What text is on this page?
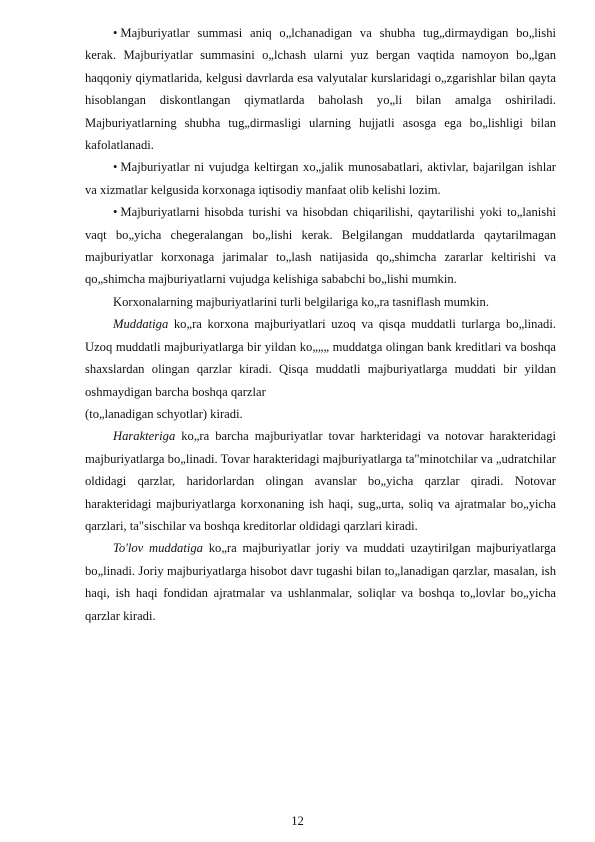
• Majburiyatlar summasi aniq o„lchanadigan va shubha tug„dirmaydigan bo„lishi kerak. Majburiyatlar summasini o„lchash ularni yuz bergan vaqtida namoyon bo„lgan haqqoniy qiymatlarida, kelgusi davrlarda esa valyutalar kurslaridagi o„zgarishlar bilan qayta hisoblangan diskontlangan qiymatlarda baholash yo„li bilan amalga oshiriladi. Majburiyatlarning shubha tug„dirmasligi ularning hujjatli asosga ega bo„lishligi bilan kafolatlanadi.

• Majburiyatlar ni vujudga keltirgan xo„jalik munosabatlari, aktivlar, bajarilgan ishlar va xizmatlar kelgusida korxonaga iqtisodiy manfaat olib kelishi lozim.

• Majburiyatlarni hisobda turishi va hisobdan chiqarilishi, qaytarilishi yoki to„lanishi vaqt bo„yicha chegeralangan bo„lishi kerak. Belgilangan muddatlarda qaytarilmagan majburiyatlar korxonaga jarimalar to„lash natijasida qo„shimcha zararlar keltirishi va qo„shimcha majburiyatlarni vujudga kelishiga sababchi bo„lishi mumkin.

Korxonalarning majburiyatlarini turli belgilariga ko„ra tasniflash mumkin.

Muddatiga ko„ra korxona majburiyatlari uzoq va qisqa muddatli turlarga bo„linadi. Uzoq muddatli majburiyatlarga bir yildan ko„„„ muddatga olingan bank kreditlari va boshqa shaxslardan olingan qarzlar kiradi. Qisqa muddatli majburiyatlarga muddati bir yildan oshmaydigan barcha boshqa qarzlar
(to„lanadigan schyotlar) kiradi.

Harakteriga ko„ra barcha majburiyatlar tovar harkteridagi va notovar harakteridagi majburiyatlarga bo„linadi. Tovar harakteridagi majburiyatlarga ta"minotchilar va „udratchilar oldidagi qarzlar, haridorlardan olingan avanslar bo„yicha qarzlar qiradi. Notovar harakteridagi majburiyatlarga korxonaning ish haqi, sug„urta, soliq va ajratmalar bo„yicha qarzlari, ta"sischilar va boshqa kreditorlar oldidagi qarzlari kiradi.

To'lov muddatiga ko„ra majburiyatlar joriy va muddati uzaytirilgan majburiyatlarga bo„linadi. Joriy majburiyatlarga hisobot davr tugashi bilan to„lanadigan qarzlar, masalan, ish haqi, ish haqi fondidan ajratmalar va ushlanmalar, soliqlar va boshqa to„lovlar bo„yicha qarzlar kiradi.

12
